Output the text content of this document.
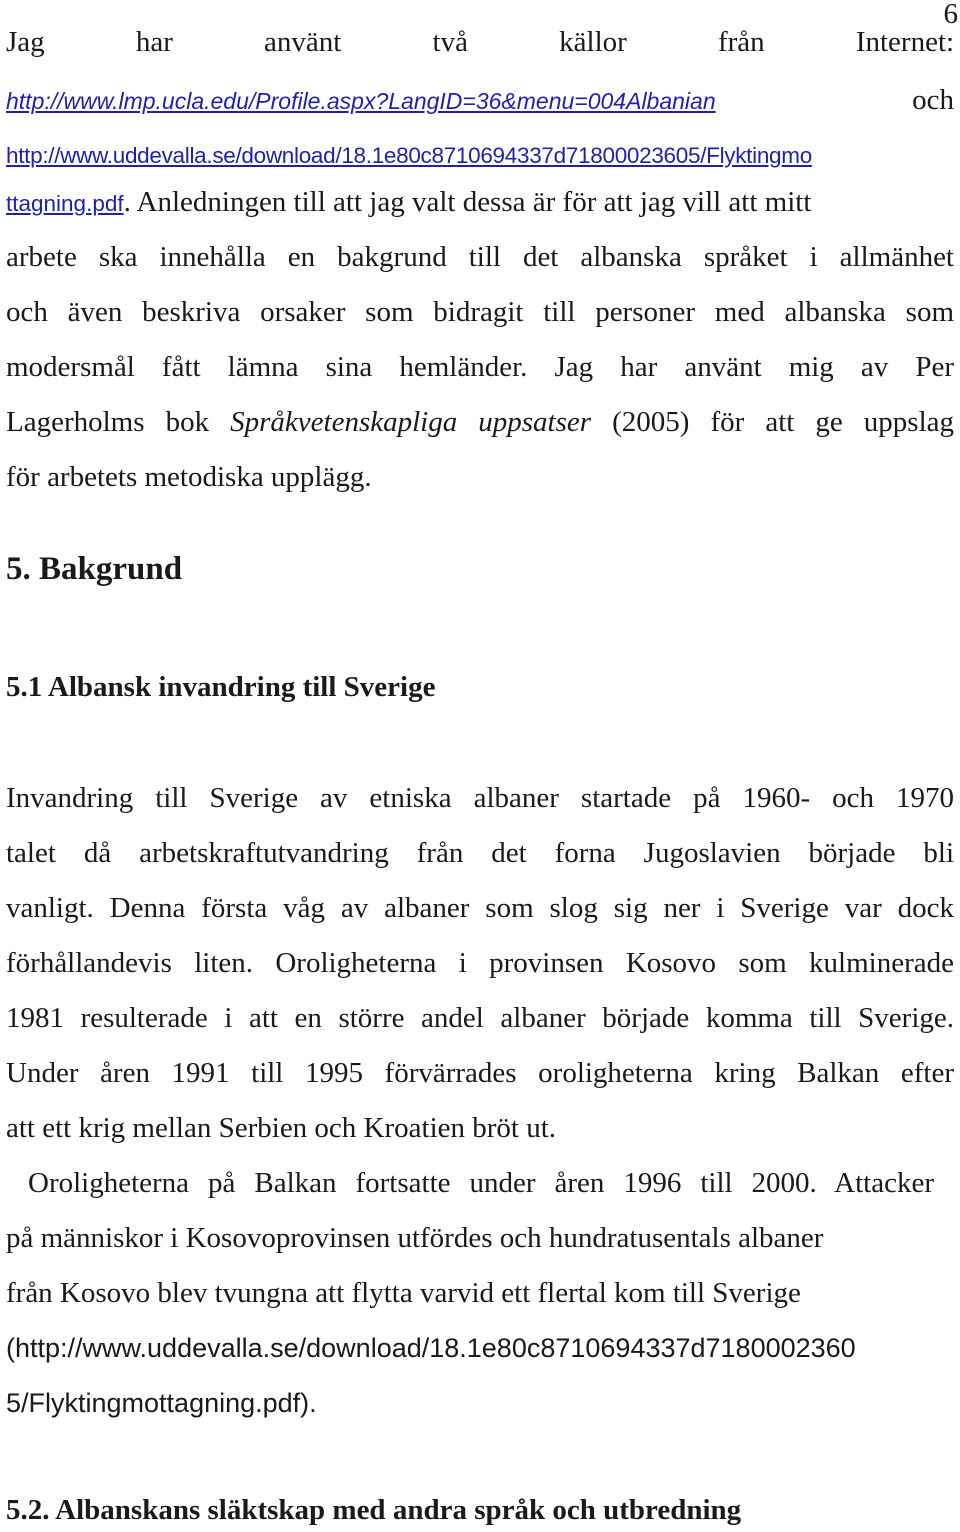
6
Jag	har	använt	två	källor	från	Internet:
http://www.lmp.ucla.edu/Profile.aspx?LangID=36&menu=004Albanian	och
http://www.uddevalla.se/download/18.1e80c8710694337d71800023605/Flyktingmo
ttagning.pdf. Anledningen till att jag valt dessa är för att jag vill att mitt
arbete ska innehålla en bakgrund till det albanska språket i allmänhet
och även beskriva orsaker som bidragit till personer med albanska som
modersmål fått lämna sina hemländer. Jag har använt mig av Per
Lagerholms bok Språkvetenskapliga uppsatser (2005) för att ge uppslag
för arbetets metodiska upplägg.
5. Bakgrund
5.1 Albansk invandring till Sverige
Invandring till Sverige av etniska albaner startade på 1960- och 1970
talet då arbetskraftutvandring från det forna Jugoslavien började bli
vanligt. Denna första våg av albaner som slog sig ner i Sverige var dock
förhållandevis liten. Oroligheterna i provinsen Kosovo som kulminerade
1981 resulterade i att en större andel albaner började komma till Sverige.
Under åren 1991 till 1995 förvärrades oroligheterna kring Balkan efter
att ett krig mellan Serbien och Kroatien bröt ut.
Oroligheterna på Balkan fortsatte under åren 1996 till 2000. Attacker
på människor i Kosovoprovinsen utfördes och hundratusentals albaner
från Kosovo blev tvungna att flytta varvid ett flertal kom till Sverige
(http://www.uddevalla.se/download/18.1e80c8710694337d7180002360
5/Flyktingmottagning.pdf).
5.2. Albanskans släktskap med andra språk och utbredning
